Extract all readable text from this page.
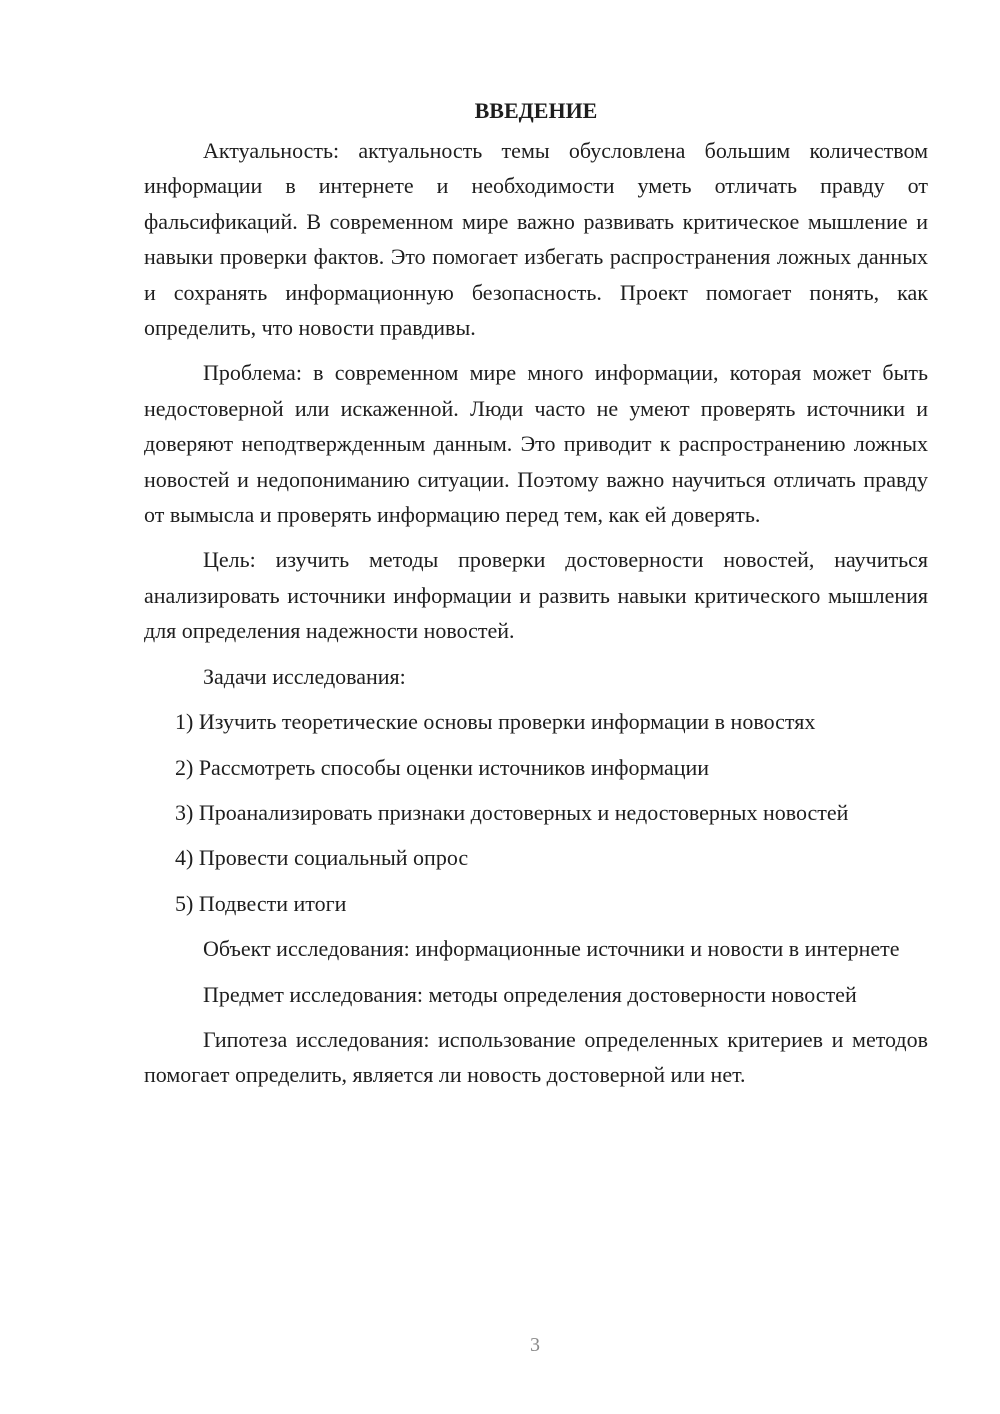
ВВЕДЕНИЕ

Актуальность: актуальность темы обусловлена большим количеством информации в интернете и необходимости уметь отличать правду от фальсификаций. В современном мире важно развивать критическое мышление и навыки проверки фактов. Это помогает избегать распространения ложных данных и сохранять информационную безопасность. Проект помогает понять, как определить, что новости правдивы.

Проблема: в современном мире много информации, которая может быть недостоверной или искаженной. Люди часто не умеют проверять источники и доверяют неподтвержденным данным. Это приводит к распространению ложных новостей и недопониманию ситуации. Поэтому важно научиться отличать правду от вымысла и проверять информацию перед тем, как ей доверять.

Цель: изучить методы проверки достоверности новостей, научиться анализировать источники информации и развить навыки критического мышления для определения надежности новостей.

Задачи исследования:

1) Изучить теоретические основы проверки информации в новостях

2) Рассмотреть способы оценки источников информации

3) Проанализировать признаки достоверных и недостоверных новостей

4) Провести социальный опрос

5) Подвести итоги

Объект исследования: информационные источники и новости в интернете

Предмет исследования: методы определения достоверности новостей

Гипотеза исследования: использование определенных критериев и методов помогает определить, является ли новость достоверной или нет.

3
